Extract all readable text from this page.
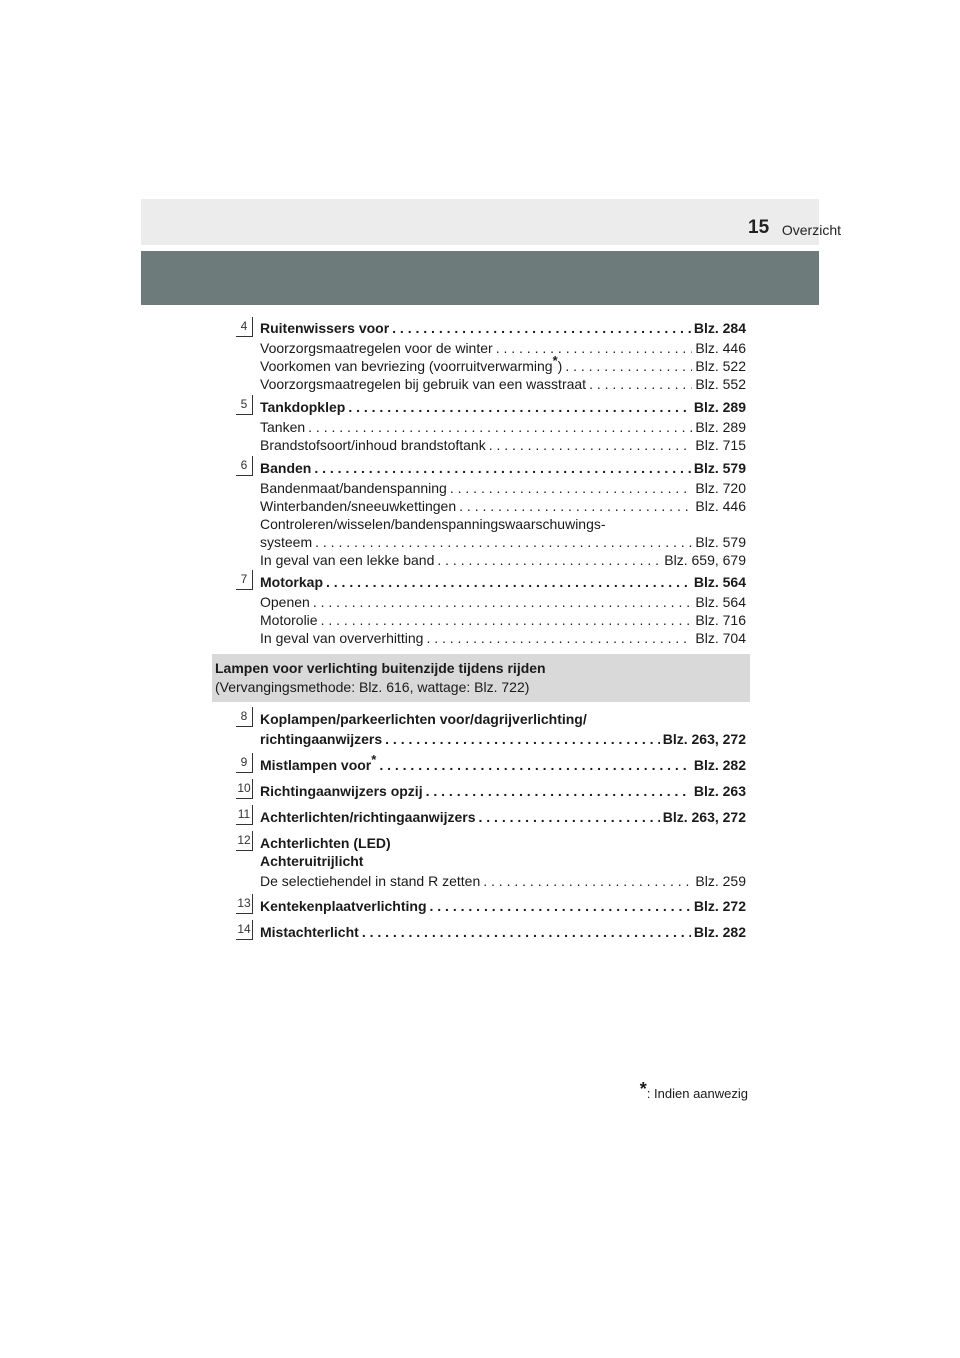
Overzicht
15
4 Ruitenwissers voor . . .	Blz. 284
Voorzorgsmaatregelen voor de winter . . .	Blz. 446
Voorkomen van bevriezing (voorruitverwarming*) . . .	Blz. 522
Voorzorgsmaatregelen bij gebruik van een wasstraat . . .	Blz. 552
5 Tankdopklep . . .	Blz. 289
Tanken . . .	Blz. 289
Brandstofsoort/inhoud brandstoftank . . .	Blz. 715
6 Banden . . .	Blz. 579
Bandenmaat/bandenspanning . . .	Blz. 720
Winterbanden/sneeuwkettingen . . .	Blz. 446
Controleren/wisselen/bandenspanningswaarschuwings-
systeem . . .	Blz. 579
In geval van een lekke band . . .	Blz. 659, 679
7 Motorkap . . .	Blz. 564
Openen . . .	Blz. 564
Motorolie . . .	Blz. 716
In geval van oververhitting . . .	Blz. 704
Lampen voor verlichting buitenzijde tijdens rijden
(Vervangingsmethode: Blz. 616, wattage: Blz. 722)
8 Koplampen/parkeerlichten voor/dagrijverlichting/
richtingaanwijzers . . .	Blz. 263, 272
9 Mistlampen voor* . . .	Blz. 282
10 Richtingaanwijzers opzij . . .	Blz. 263
11 Achterlichten/richtingaanwijzers . . .	Blz. 263, 272
12 Achterlichten (LED)
Achteruitrijlicht
De selectiehendel in stand R zetten . . .	Blz. 259
13 Kentekenplaatverlichting . . .	Blz. 272
14 Mistachterlicht . . .	Blz. 282
*: Indien aanwezig
